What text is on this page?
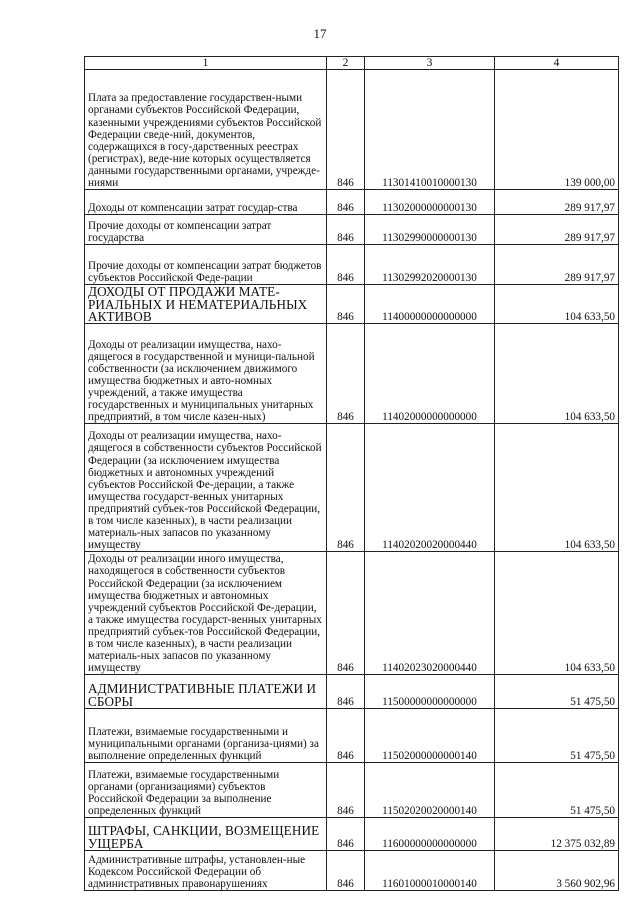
17
1	2	3	4
Плата за предоставление государствен-ными органами субъектов Российской Федерации, казенными учреждениями субъектов Российской Федерации сведе-ний, документов, содержащихся в госу-дарственных реестрах (регистрах), веде-ние которых осуществляется данными государственными органами, учрежде-ниями	846	11301410010000130	139 000,00
Доходы от компенсации затрат государ-ства	846	11302000000000130	289 917,97
Прочие доходы от компенсации затрат государства	846	11302990000000130	289 917,97
Прочие доходы от компенсации затрат бюджетов субъектов Российской Феде-рации	846	11302992020000130	289 917,97
ДОХОДЫ ОТ ПРОДАЖИ МАТЕ-РИАЛЬНЫХ И НЕМАТЕРИАЛЬНЫХ АКТИВОВ	846	11400000000000000	104 633,50
Доходы от реализации имущества, нахо-дящегося в государственной и муници-пальной собственности (за исключением движимого имущества бюджетных и авто-номных учреждений, а также имущества государственных и муниципальных унитарных предприятий, в том числе казен-ных)	846	11402000000000000	104 633,50
Доходы от реализации имущества, нахо-дящегося в собственности субъектов Российской Федерации (за исключением имущества бюджетных и автономных учреждений субъектов Российской Фе-дерации, а также имущества государст-венных унитарных предприятий субъек-тов Российской Федерации, в том числе казенных), в части реализации материаль-ных запасов по указанному имуществу	846	11402020020000440	104 633,50
Доходы от реализации иного имущества, находящегося в собственности субъектов Российской Федерации (за исключением имущества бюджетных и автономных учреждений субъектов Российской Фе-дерации, а также имущества государст-венных унитарных предприятий субъек-тов Российской Федерации, в том числе казенных), в части реализации материаль-ных запасов по указанному имуществу	846	11402023020000440	104 633,50
АДМИНИСТРАТИВНЫЕ ПЛАТЕЖИ И СБОРЫ	846	11500000000000000	51 475,50
Платежи, взимаемые государственными и муниципальными органами (организа-циями) за выполнение определенных функций	846	11502000000000140	51 475,50
Платежи, взимаемые государственными органами (организациями) субъектов Российской Федерации за выполнение определенных функций	846	11502020020000140	51 475,50
ШТРАФЫ, САНКЦИИ, ВОЗМЕЩЕНИЕ УЩЕРБА	846	11600000000000000	12 375 032,89
Административные штрафы, установлен-ные Кодексом Российской Федерации об административных правонарушениях	846	11601000010000140	3 560 902,96
